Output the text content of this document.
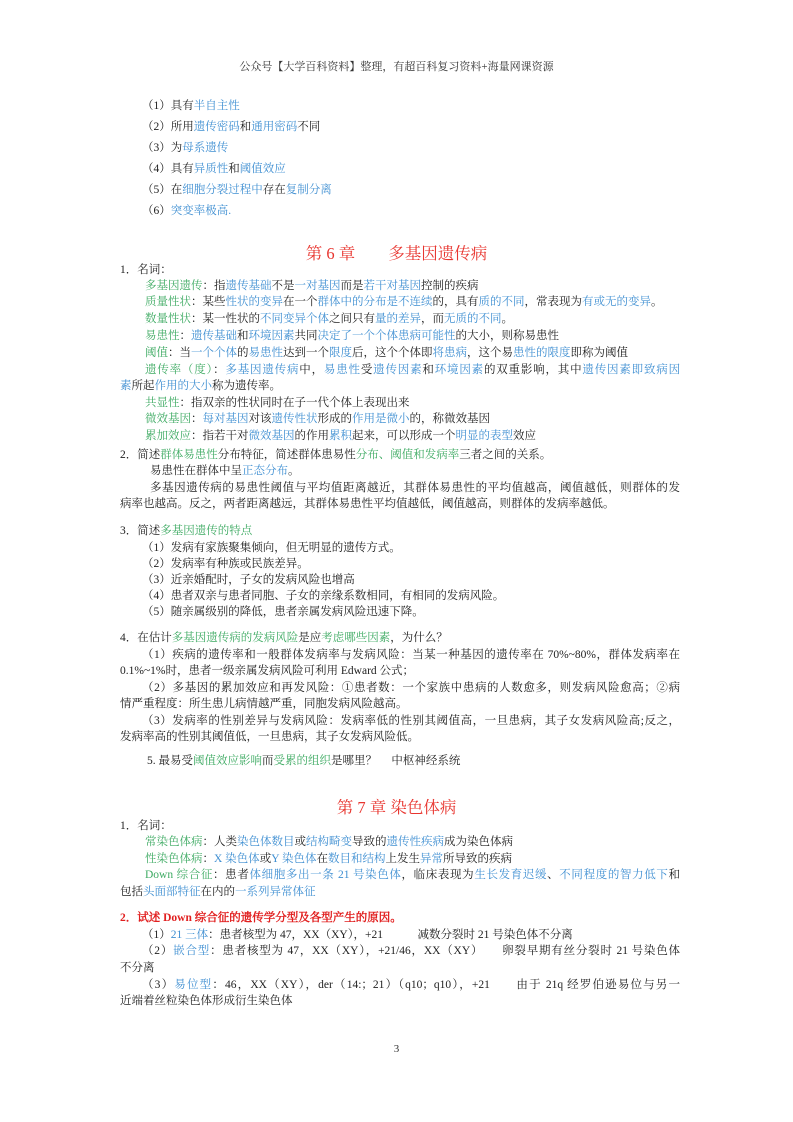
公众号【大学百科资料】整理，有超百科复习资料+海量网课资源
（1）具有半自主性
（2）所用遗传密码和通用密码不同
（3）为母系遗传
（4）具有异质性和阈值效应
（5）在细胞分裂过程中存在复制分离
（6）突变率极高.
第 6 章　　多基因遗传病
1．名词：
多基因遗传：指遗传基础不是一对基因而是若干对基因控制的疾病
质量性状：某些性状的变异在一个群体中的分布是不连续的，具有质的不同，常表现为有或无的变异。
数量性状：某一性状的不同变异个体之间只有量的差异，而无质的不同。
易患性：遗传基础和环境因素共同决定了一个个体患病可能性的大小，则称易患性
阈值：当一个个体的易患性达到一个限度后，这个个体即将患病，这个易患性的限度即称为阈值
遗传率（度）：多基因遗传病中，易患性受遗传因素和环境因素的双重影响，其中遗传因素即致病因
素所起作用的大小称为遗传率。
共显性：指双亲的性状同时在子一代个体上表现出来
微效基因：每对基因对该遗传性状形成的作用是微小的，称微效基因
累加效应：指若干对微效基因的作用累积起来，可以形成一个明显的表型效应
2．简述群体易患性分布特征，简述群体患易性分布、阈值和发病率三者之间的关系。
易患性在群体中呈正态分布。
多基因遗传病的易患性阈值与平均值距离越近，其群体易患性的平均值越高，阈值越低，则群体的发
病率也越高。反之，两者距离越远，其群体易患性平均值越低，阈值越高，则群体的发病率越低。
3．简述多基因遗传的特点
（1）发病有家族聚集倾向，但无明显的遗传方式。
（2）发病率有种族或民族差异。
（3）近亲婚配时，子女的发病风险也增高
（4）患者双亲与患者同胞、子女的亲缘系数相同，有相同的发病风险。
（5）随亲属级别的降低，患者亲属发病风险迅速下降。
4．在估计多基因遗传病的发病风险是应考虑哪些因素，为什么？
（1）疾病的遗传率和一般群体发病率与发病风险：当某一种基因的遗传率在 70%~80%，群体发病率在
0.1%~1%时，患者一级亲属发病风险可利用 Edward 公式；
（2）多基因的累加效应和再发风险：①患者数：一个家族中患病的人数愈多，则发病风险愈高；②病
情严重程度：所生患儿病情越严重，同胞发病风险越高。
（3）发病率的性别差异与发病风险：发病率低的性别其阈值高，一旦患病，其子女发病风险高;反之，
发病率高的性别其阈值低，一旦患病，其子女发病风险低。
5. 最易受阈值效应影响而受累的组织是哪里？　 中枢神经系统
第 7 章 染色体病
1．名词：
常染色体病：人类染色体数目或结构畸变导致的遗传性疾病成为染色体病
性染色体病：X 染色体或Y 染色体在数目和结构上发生异常所导致的疾病
Down 综合征：患者体细胞多出一条 21 号染色体，临床表现为生长发育迟缓、不同程度的智力低下和
包括头面部特征在内的一系列异常体征
2．试述 Down 综合征的遗传学分型及各型产生的原因。
（1）21 三体：患者核型为 47，XX（XY），+21　　　减数分裂时 21 号染色体不分离
（2）嵌合型：患者核型为 47，XX（XY），+21/46，XX（XY）　　卵裂早期有丝分裂时 21 号染色体
不分离
（3）易位型：46，XX（XY），der（14:；21）（q10；q10），+21　　由于 21q 经罗伯逊易位与另一
近端着丝粒染色体形成衍生染色体
3
